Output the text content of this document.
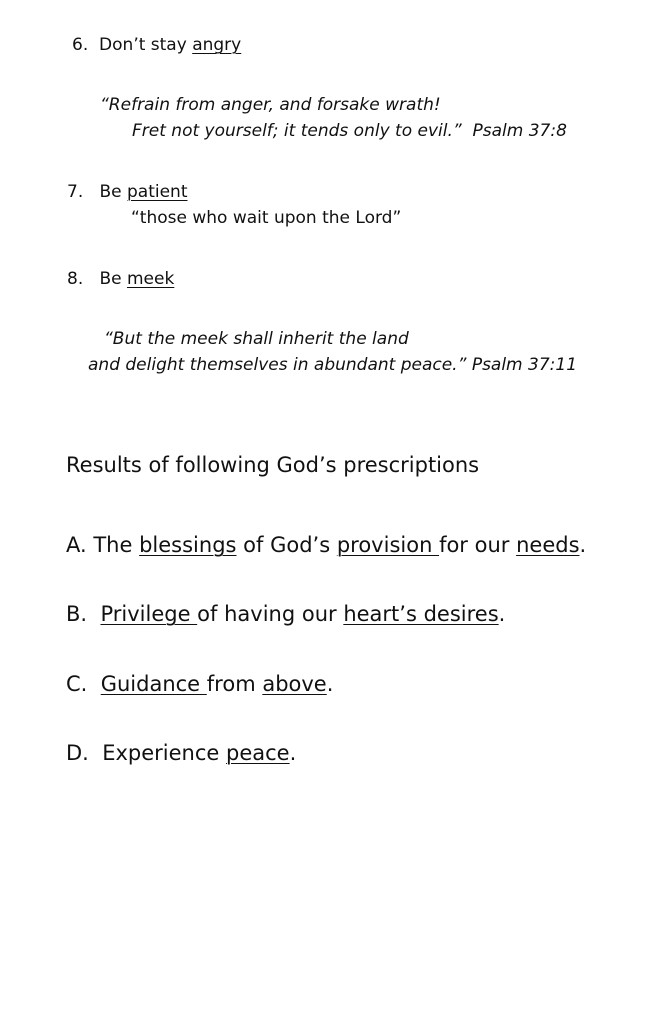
6. Don’t stay angry
“Refrain from anger, and forsake wrath!
Fret not yourself; it tends only to evil.” Psalm 37:8
7. Be patient
“those who wait upon the Lord”
8. Be meek
“But the meek shall inherit the land
and delight themselves in abundant peace.” Psalm 37:11
Results of following God’s prescriptions
A. The blessings of God’s provision for our needs.
B. Privilege of having our heart’s desires.
C. Guidance from above.
D. Experience peace.
